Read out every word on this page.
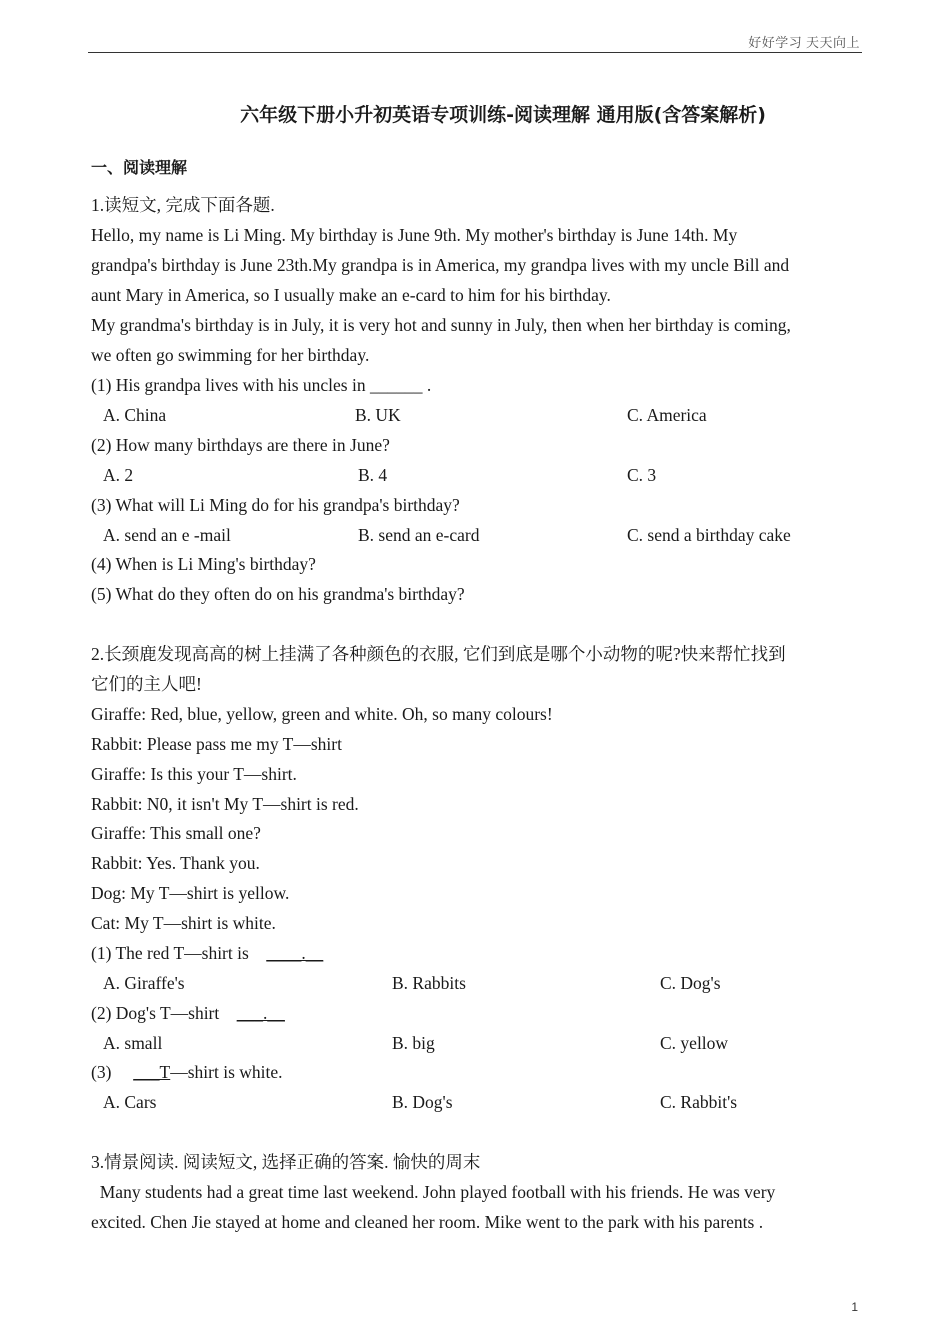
好好学习 天天向上
六年级下册小升初英语专项训练-阅读理解 通用版(含答案解析)
一、阅读理解
1.读短文, 完成下面各题.
Hello, my name is Li Ming. My birthday is June 9th. My mother's birthday is June 14th. My
grandpa's birthday is June 23th.My grandpa is in America, my grandpa lives with my uncle Bill and
aunt Mary in America, so I usually make an e-card to him for his birthday.
My grandma's birthday is in July, it is very hot and sunny in July, then when her birthday is coming,
we often go swimming for her birthday.
(1) His grandpa lives with his uncles in ______ .
A. China	B. UK	C. America
(2) How many birthdays are there in June?
A. 2	B. 4	C. 3
(3) What will Li Ming do for his grandpa's birthday?
A. send an e -mail	B. send an e-card	C. send a birthday cake
(4) When is Li Ming's birthday?
(5) What do they often do on his grandma's birthday?
2.长颈鹿发现高高的树上挂满了各种颜色的衣服, 它们到底是哪个小动物的呢?快来帮忙找到
它们的主人吧!
Giraffe: Red, blue, yellow, green and white. Oh, so many colours!
Rabbit: Please pass me my T—shirt
Giraffe: Is this your T—shirt.
Rabbit: N0, it isn't My T—shirt is red.
Giraffe: This small one?
Rabbit: Yes. Thank you.
Dog: My T—shirt is yellow.
Cat: My T—shirt is white.
(1) The red T—shirt is    ____.__
A. Giraffe's	B. Rabbits	C. Dog's
(2) Dog's T—shirt    ___.__
A. small	B. big	C. yellow
(3)     ___T—shirt is white.
A. Cars	B. Dog's	C. Rabbit's
3.情景阅读. 阅读短文, 选择正确的答案. 愉快的周末
Many students had a great time last weekend. John played football with his friends. He was very
excited. Chen Jie stayed at home and cleaned her room. Mike went to the park with his parents .
1
